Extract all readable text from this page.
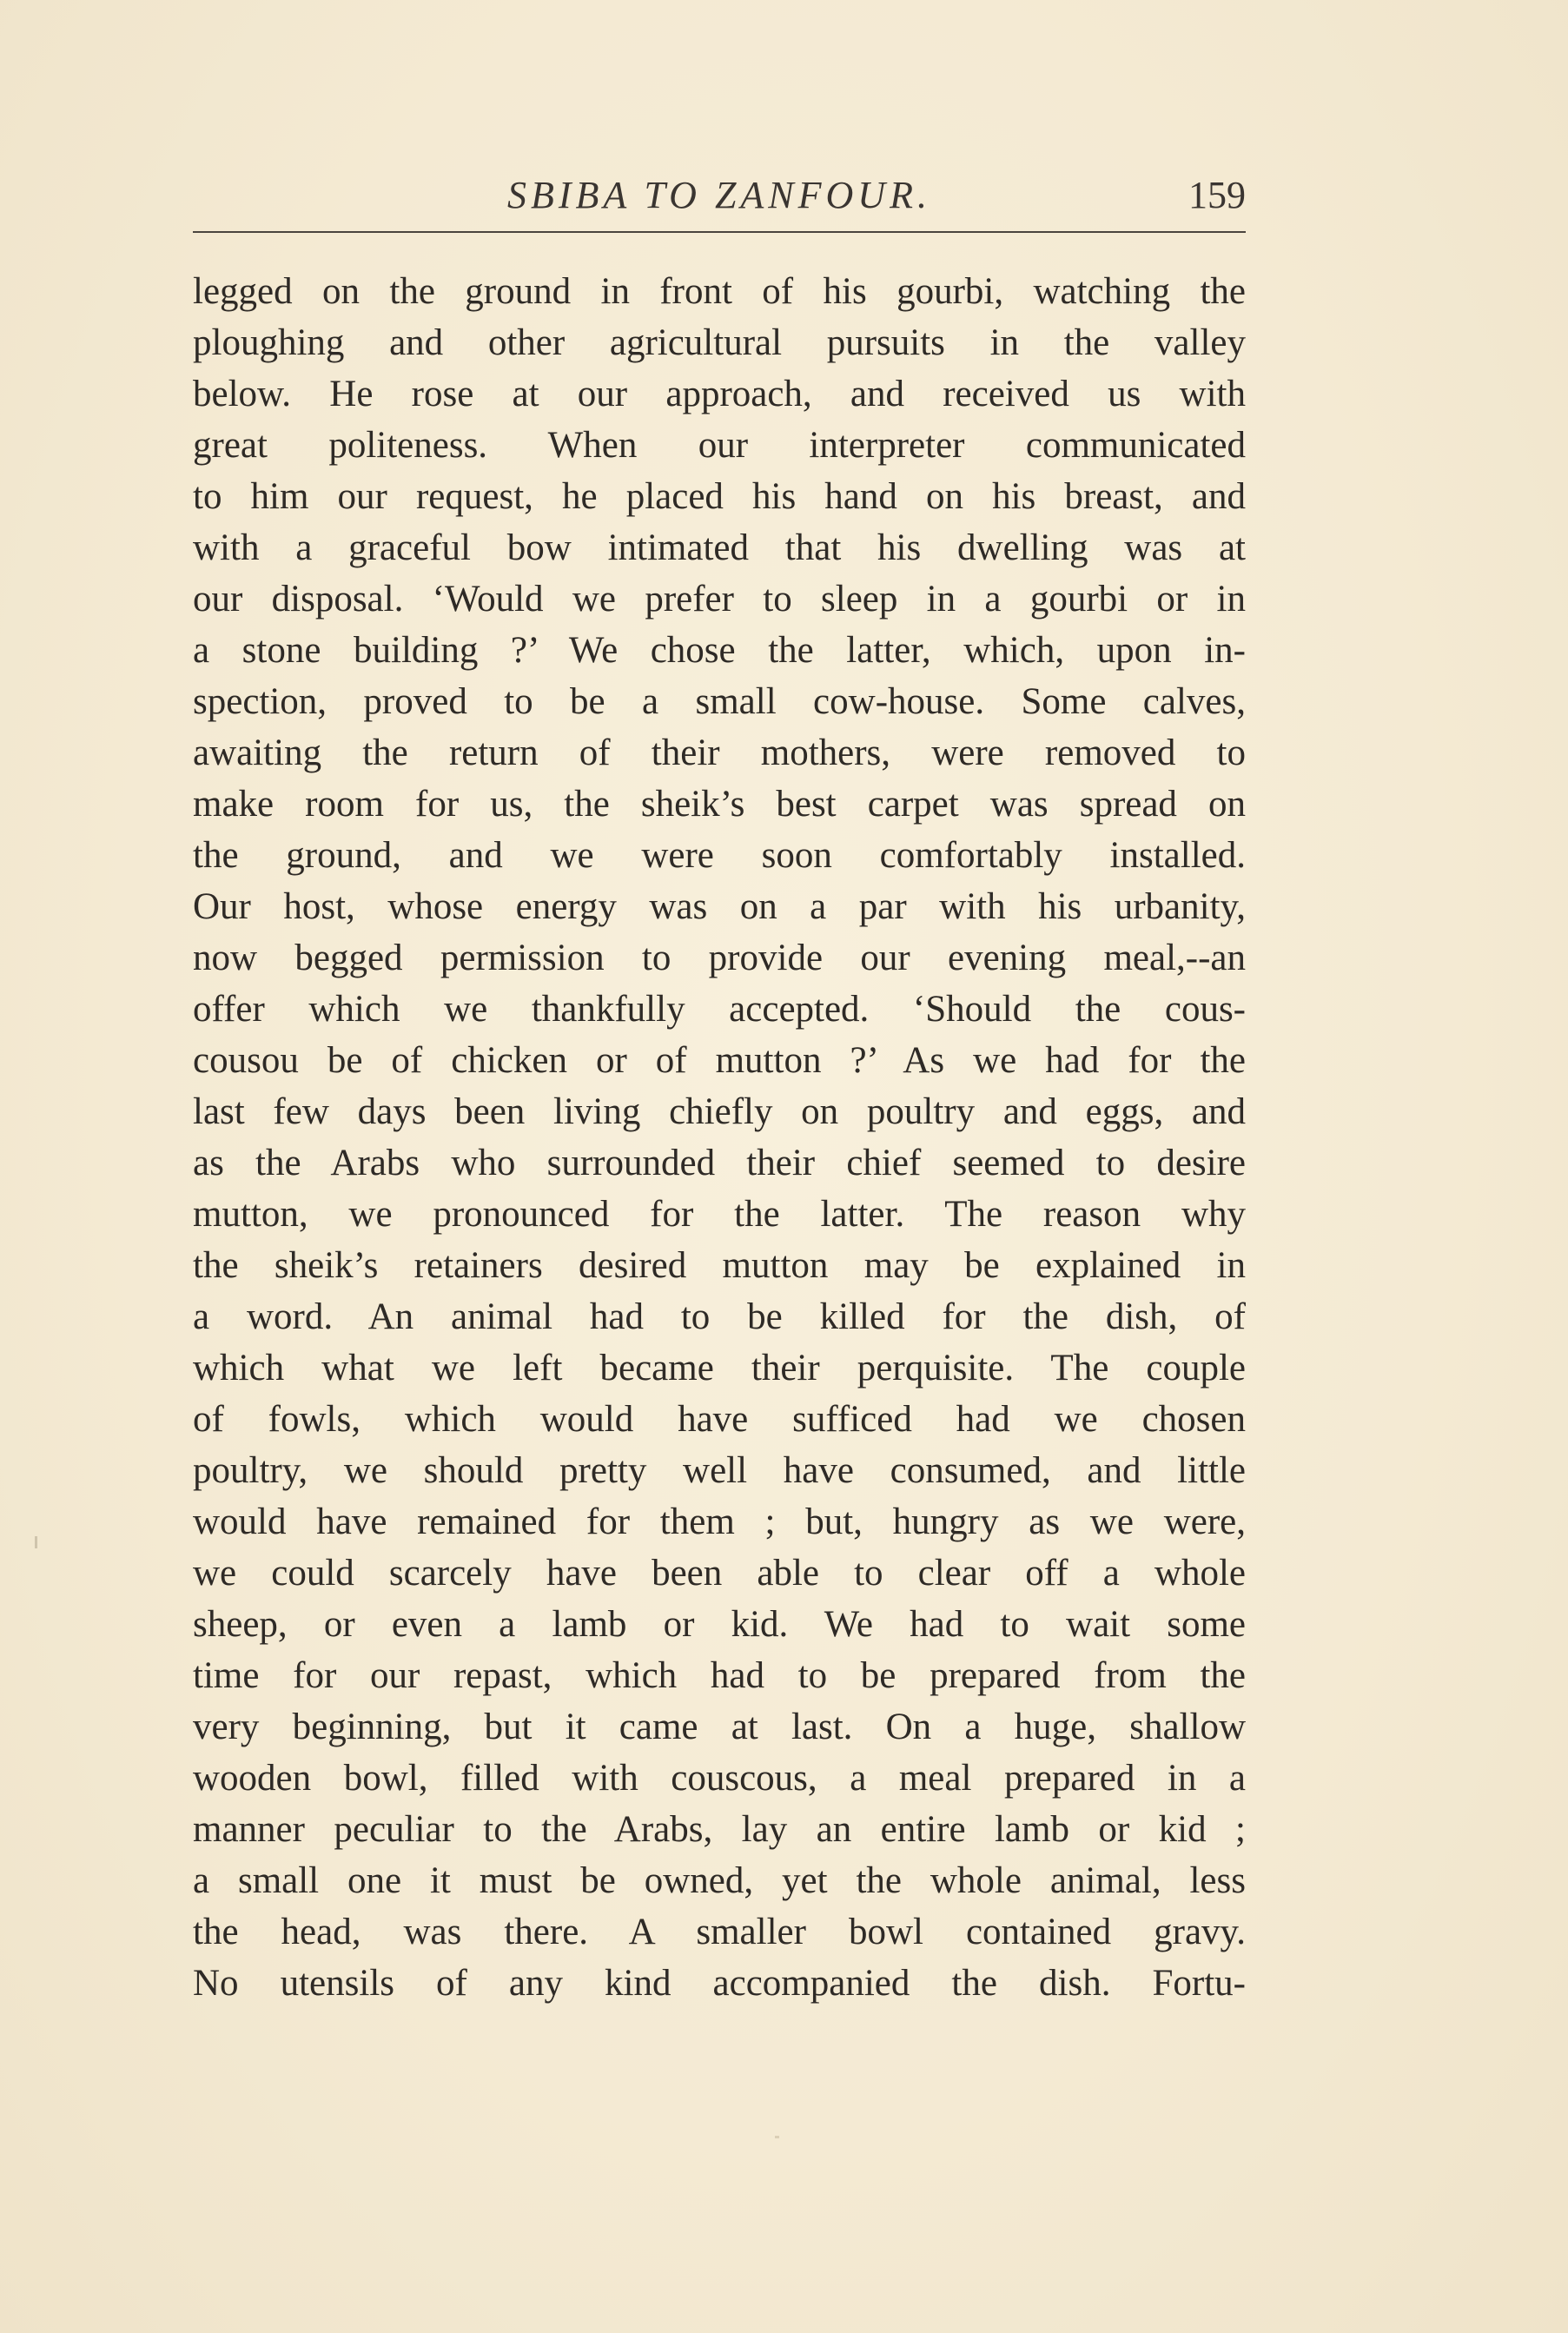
SBIBA TO ZANFOUR.	159
legged on the ground in front of his gourbi, watching the
ploughing and other agricultural pursuits in the valley
below. He rose at our approach, and received us with
great politeness. When our interpreter communicated
to him our request, he placed his hand on his breast, and
with a graceful bow intimated that his dwelling was at
our disposal. ‘Would we prefer to sleep in a gourbi or in
a stone building ?’ We chose the latter, which, upon in-
spection, proved to be a small cow-house. Some calves,
awaiting the return of their mothers, were removed to
make room for us, the sheik’s best carpet was spread on
the ground, and we were soon comfortably installed.
Our host, whose energy was on a par with his urbanity,
now begged permission to provide our evening meal,--an
offer which we thankfully accepted. ‘Should the cous-
cousou be of chicken or of mutton ?’ As we had for the
last few days been living chiefly on poultry and eggs, and
as the Arabs who surrounded their chief seemed to desire
mutton, we pronounced for the latter. The reason why
the sheik’s retainers desired mutton may be explained in
a word. An animal had to be killed for the dish, of
which what we left became their perquisite. The couple
of fowls, which would have sufficed had we chosen
poultry, we should pretty well have consumed, and little
would have remained for them ; but, hungry as we were,
we could scarcely have been able to clear off a whole
sheep, or even a lamb or kid. We had to wait some
time for our repast, which had to be prepared from the
very beginning, but it came at last. On a huge, shallow
wooden bowl, filled with couscous, a meal prepared in a
manner peculiar to the Arabs, lay an entire lamb or kid ;
a small one it must be owned, yet the whole animal, less
the head, was there. A smaller bowl contained gravy.
No utensils of any kind accompanied the dish. Fortu-
